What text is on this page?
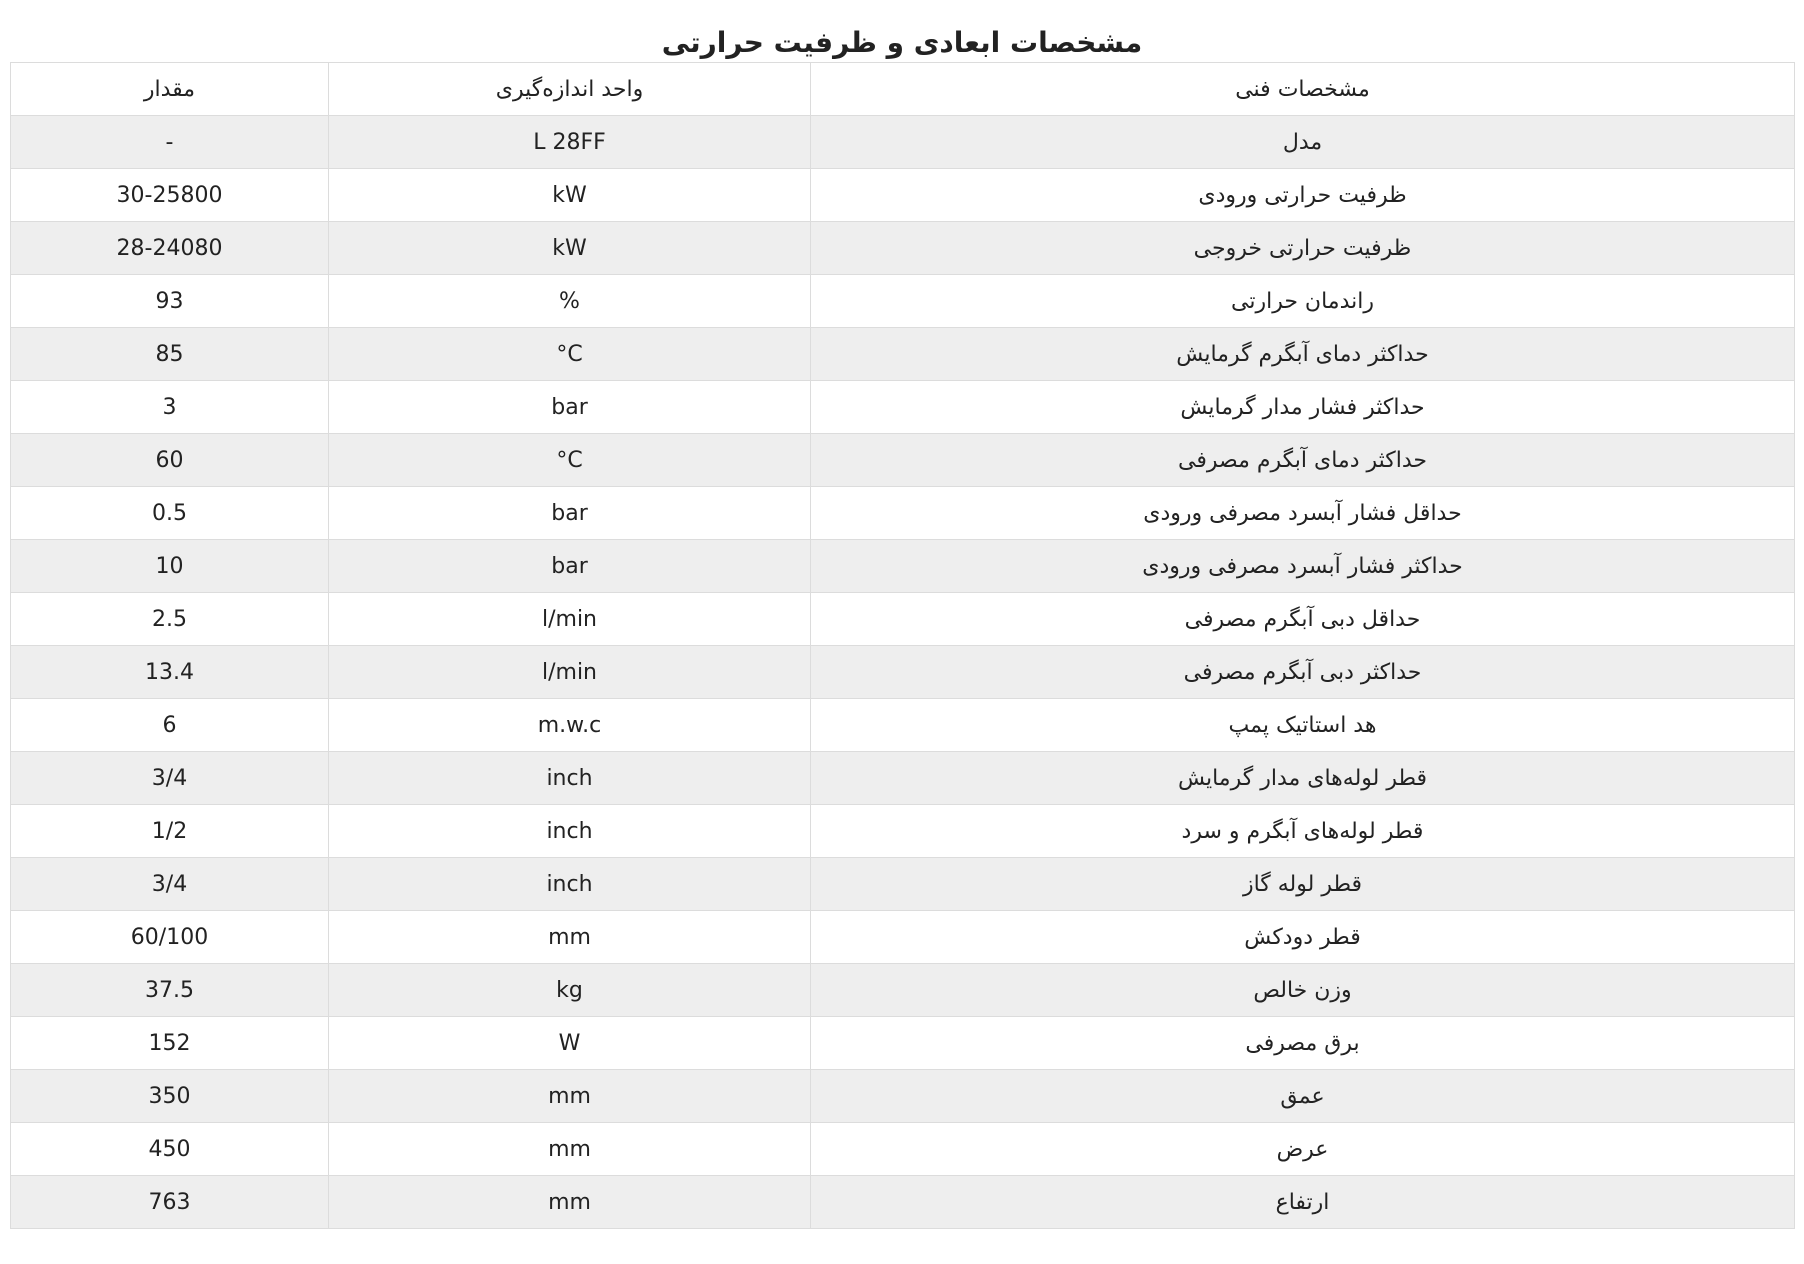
مشخصات ابعادی و ظرفیت حرارتی
مقدار	واحد اندازه‌گیری	مشخصات فنی
-	L 28FF	مدل
30-25800	kW	ظرفیت حرارتی ورودی
28-24080	kW	ظرفیت حرارتی خروجی
93	%	راندمان حرارتی
85	°C	حداکثر دمای آبگرم گرمایش
3	bar	حداکثر فشار مدار گرمایش
60	°C	حداکثر دمای آبگرم مصرفی
0.5	bar	حداقل فشار آبسرد مصرفی ورودی
10	bar	حداکثر فشار آبسرد مصرفی ورودی
2.5	l/min	حداقل دبی آبگرم مصرفی
13.4	l/min	حداکثر دبی آبگرم مصرفی
6	m.w.c	هد استاتیک پمپ
3/4	inch	قطر لوله‌های مدار گرمایش
1/2	inch	قطر لوله‌های آبگرم و سرد
3/4	inch	قطر لوله گاز
60/100	mm	قطر دودکش
37.5	kg	وزن خالص
152	W	برق مصرفی
350	mm	عمق
450	mm	عرض
763	mm	ارتفاع
